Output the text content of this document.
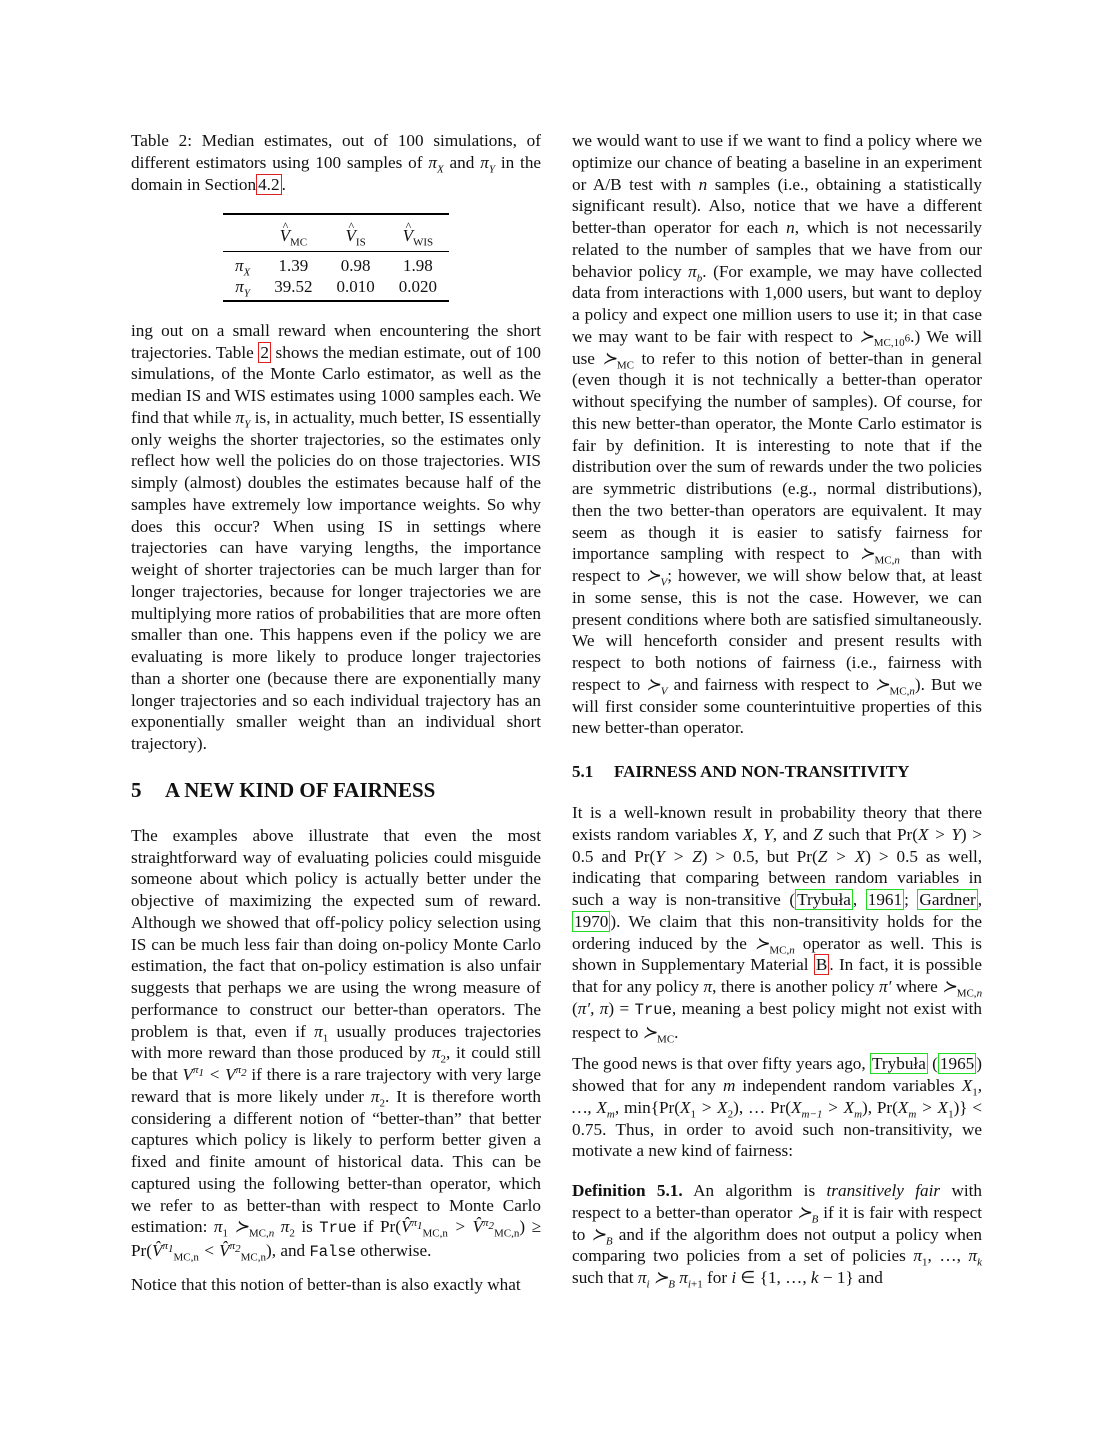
Table 2: Median estimates, out of 100 simulations, of different estimators using 100 samples of $\pi_X$ and $\pi_Y$ in the domain in Section 4.2 .

	^ $V_{MC}$	^ $V_{IS}$	^ $V_{WIS}$
$\pi_X$	1.39	0.98	1.98
$\pi_Y$	39.52	0.010	0.020

ing out on a small reward when encountering the short trajectories. Table 2 shows the median estimate, out of 100 simulations, of the Monte Carlo estimator, as well as the median IS and WIS estimates using 1000 samples each. We find that while $\pi_Y$ is, in actuality, much better, IS essentially only weighs the shorter trajectories, so the estimates only reflect how well the policies do on those trajectories. WIS simply (almost) doubles the estimates because half of the samples have extremely low importance weights. So why does this occur? When using IS in settings where trajectories can have varying lengths, the importance weight of shorter trajectories can be much larger than for longer trajectories, because for longer trajectories we are multiplying more ratios of probabilities that are more often smaller than one. This happens even if the policy we are evaluating is more likely to produce longer trajectories than a shorter one (because there are exponentially many longer trajectories and so each individual trajectory has an exponentially smaller weight than an individual short trajectory).

5 A NEW KIND OF FAIRNESS

The examples above illustrate that even the most straightforward way of evaluating policies could misguide someone about which policy is actually better under the objective of maximizing the expected sum of reward. Although we showed that off-policy policy selection using IS can be much less fair than doing on-policy Monte Carlo estimation, the fact that on-policy estimation is also unfair suggests that perhaps we are using the wrong measure of performance to construct our better-than operators. The problem is that, even if $\pi_1$ usually produces trajectories with more reward than those produced by $\pi_2$, it could still be that $V^{\pi_1} < V^{\pi_2}$ if there is a rare trajectory with very large reward that is more likely under $\pi_2$. It is therefore worth considering a different notion of “better-than” that better captures which policy is likely to perform better given a fixed and finite amount of historical data. This can be captured using the following better-than operator, which we refer to as better-than with respect to Monte Carlo estimation: $\pi_1$ $≻_{MC,n}$ $\pi_2$ is True if Pr(V̂$^{\pi_1}_{MC,n}$ > V̂$^{\pi_2}_{MC,n}$) ≥ Pr(V̂$^{\pi_1}_{MC,n}$ < V̂$^{\pi_2}_{MC,n}$), and False otherwise.

Notice that this notion of better-than is also exactly what

we would want to use if we want to find a policy where we optimize our chance of beating a baseline in an experiment or A/B test with n samples (i.e., obtaining a statistically significant result). Also, notice that we have a different better-than operator for each n, which is not necessarily related to the number of samples that we have from our behavior policy $\pi_b$. (For example, we may have collected data from interactions with 1,000 users, but want to deploy a policy and expect one million users to use it; in that case we may want to be fair with respect to $≻_{MC,10^6}$.) We will use $≻_{MC}$ to refer to this notion of better-than in general (even though it is not technically a better-than operator without specifying the number of samples). Of course, for this new better-than operator, the Monte Carlo estimator is fair by definition. It is interesting to note that if the distribution over the sum of rewards under the two policies are symmetric distributions (e.g., normal distributions), then the two better-than operators are equivalent. It may seem as though it is easier to satisfy fairness for importance sampling with respect to $≻_{MC,n}$ than with respect to $≻_V$; however, we will show below that, at least in some sense, this is not the case. However, we can present conditions where both are satisfied simultaneously. We will henceforth consider and present results with respect to both notions of fairness (i.e., fairness with respect to $≻_V$ and fairness with respect to $≻_{MC,n}$). But we will first consider some counterintuitive properties of this new better-than operator.

5.1 FAIRNESS AND NON-TRANSITIVITY

It is a well-known result in probability theory that there exists random variables X, Y, and Z such that Pr(X > Y) > 0.5 and Pr(Y > Z) > 0.5, but Pr(Z > X) > 0.5 as well, indicating that comparing between random variables in such a way is non-transitive ( Trybuła , 1961 ; Gardner , 1970 ). We claim that this non-transitivity holds for the ordering induced by the $≻_{MC,n}$ operator as well. This is shown in Supplementary Material B . In fact, it is possible that for any policy π, there is another policy π′ where $≻_{MC,n}$ (π′, π) = True, meaning a best policy might not exist with respect to $≻_{MC}$.

The good news is that over fifty years ago, Trybuła ( 1965 ) showed that for any m independent random variables $X_1$, …, $X_m$, $\min\{Pr(X_1 > X_2)$, … $Pr(X_{m-1} > X_m)$, $Pr(X_m > X_1)\} < 0.75$. Thus, in order to avoid such non-transitivity, we motivate a new kind of fairness:

Definition 5.1. An algorithm is transitively fair with respect to a better-than operator $≻_B$ if it is fair with respect to $≻_B$ and if the algorithm does not output a policy when comparing two policies from a set of policies $\pi_1$, …, $\pi_k$ such that $\pi_i$ $≻_B$ $\pi_{i+1}$ for i ∈ {1, …, k − 1} and
